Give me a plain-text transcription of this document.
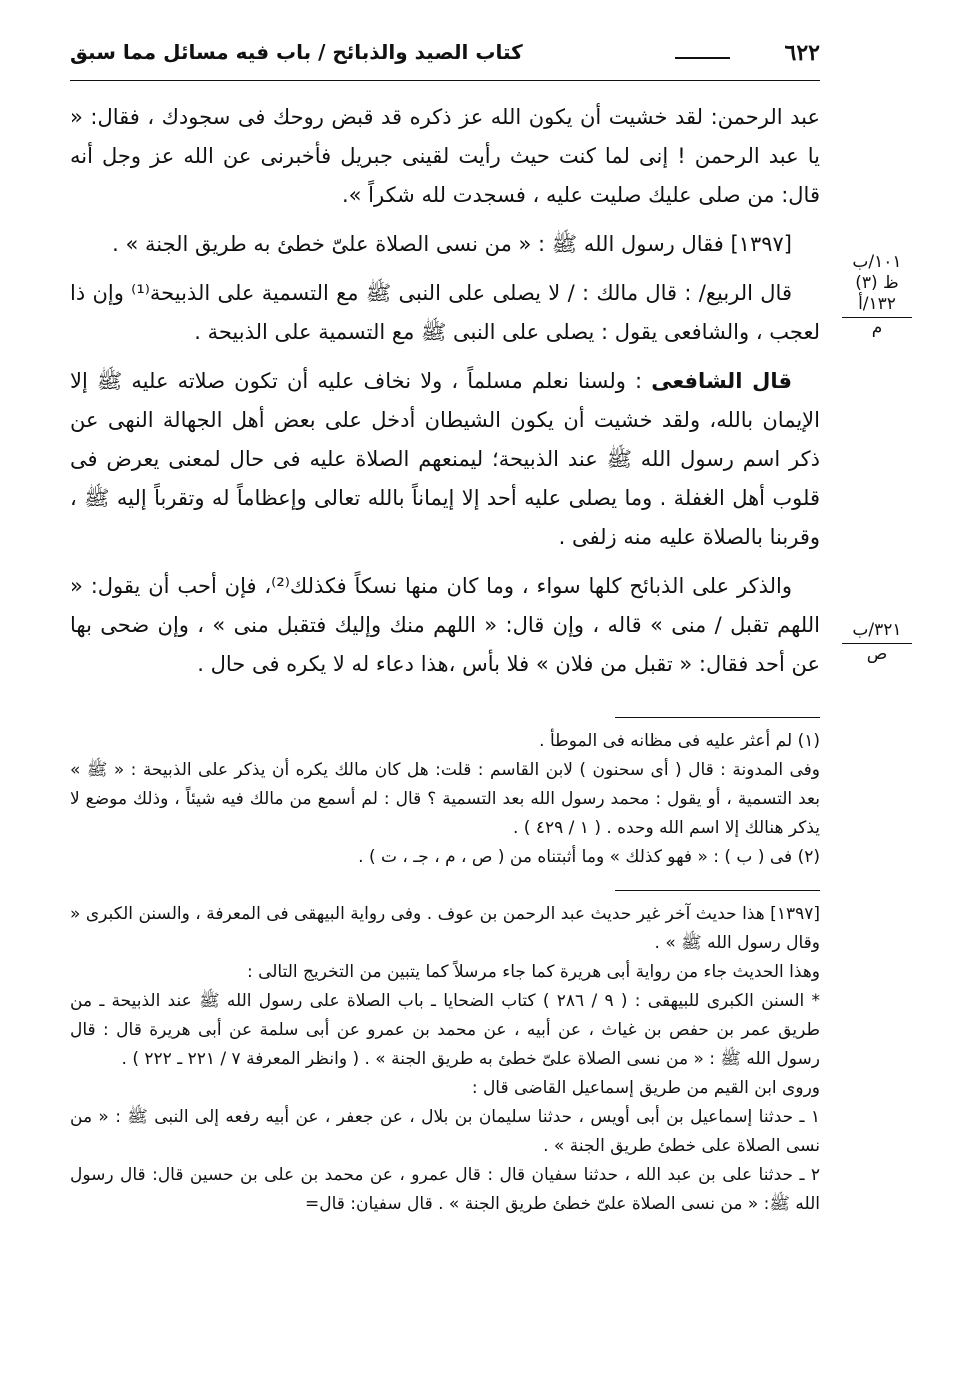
٦٢٢
كتاب الصيد والذبائح / باب فيه مسائل مما سبق

عبد الرحمن: لقد خشيت أن يكون الله عز ذكره قد قبض روحك فى سجودك ، فقال: « يا عبد الرحمن ! إنى لما كنت حيث رأيت لقينى جبريل فأخبرنى عن الله عز وجل أنه قال: من صلى عليك صليت عليه ، فسجدت لله شكراً ».

[١٣٩٧] فقال رسول الله ﷺ : « من نسى الصلاة علىّ خطئ به طريق الجنة » .

قال الربيع/ : قال مالك : / لا يصلى على النبى ﷺ مع التسمية على الذبيحة⁽¹⁾ وإن ذا لعجب ، والشافعى يقول : يصلى على النبى ﷺ مع التسمية على الذبيحة .

قال الشافعى : ولسنا نعلم مسلماً ، ولا نخاف عليه أن تكون صلاته عليه ﷺ إلا الإيمان بالله، ولقد خشيت أن يكون الشيطان أدخل على بعض أهل الجهالة النهى عن ذكر اسم رسول الله ﷺ عند الذبيحة؛ ليمنعهم الصلاة عليه فى حال لمعنى يعرض فى قلوب أهل الغفلة . وما يصلى عليه أحد إلا إيماناً بالله تعالى وإعظاماً له وتقرباً إليه ﷺ ، وقربنا بالصلاة عليه منه زلفى .

والذكر على الذبائح كلها سواء ، وما كان منها نسكاً فكذلك⁽²⁾، فإن أحب أن يقول: « اللهم تقبل / منى » قاله ، وإن قال: « اللهم منك وإليك فتقبل منى » ، وإن ضحى بها عن أحد فقال: « تقبل من فلان » فلا بأس ،هذا دعاء له لا يكره فى حال .

١٠١/ب
ظ (٣)
١٣٢/أ
م
٣٢١/ب
ص

(١) لم أعثر عليه فى مظانه فى الموطأ .

وفى المدونة : قال ( أى سحنون ) لابن القاسم : قلت: هل كان مالك يكره أن يذكر على الذبيحة : « ﷺ » بعد التسمية ، أو يقول : محمد رسول الله بعد التسمية ؟ قال : لم أسمع من مالك فيه شيئاً ، وذلك موضع لا يذكر هنالك إلا اسم الله وحده . ( ١ / ٤٢٩ ) .

(٢) فى ( ب ) : « فهو كذلك » وما أثبتناه من ( ص ، م ، جـ ، ت ) .

[١٣٩٧] هذا حديث آخر غير حديث عبد الرحمن بن عوف . وفى رواية البيهقى فى المعرفة ، والسنن الكبرى « وقال رسول الله ﷺ » .

وهذا الحديث جاء من رواية أبى هريرة كما جاء مرسلاً كما يتبين من التخريج التالى :

* السنن الكبرى للبيهقى : ( ٩ / ٢٨٦ ) كتاب الضحايا ـ باب الصلاة على رسول الله ﷺ عند الذبيحة ـ من طريق عمر بن حفص بن غياث ، عن أبيه ، عن محمد بن عمرو عن أبى سلمة عن أبى هريرة قال : قال رسول الله ﷺ : « من نسى الصلاة علىّ خطئ به طريق الجنة » . ( وانظر المعرفة ٧ / ٢٢١ ـ ٢٢٢ ) .

وروى ابن القيم من طريق إسماعيل القاضى قال :

١ ـ حدثنا إسماعيل بن أبى أويس ، حدثنا سليمان بن بلال ، عن جعفر ، عن أبيه رفعه إلى النبى ﷺ : « من نسى الصلاة على خطئ طريق الجنة » .

٢ ـ حدثنا على بن عبد الله ، حدثنا سفيان قال : قال عمرو ، عن محمد بن على بن حسين قال: قال رسول الله ﷺ: « من نسى الصلاة علىّ خطئ طريق الجنة » . قال سفيان: قال=
